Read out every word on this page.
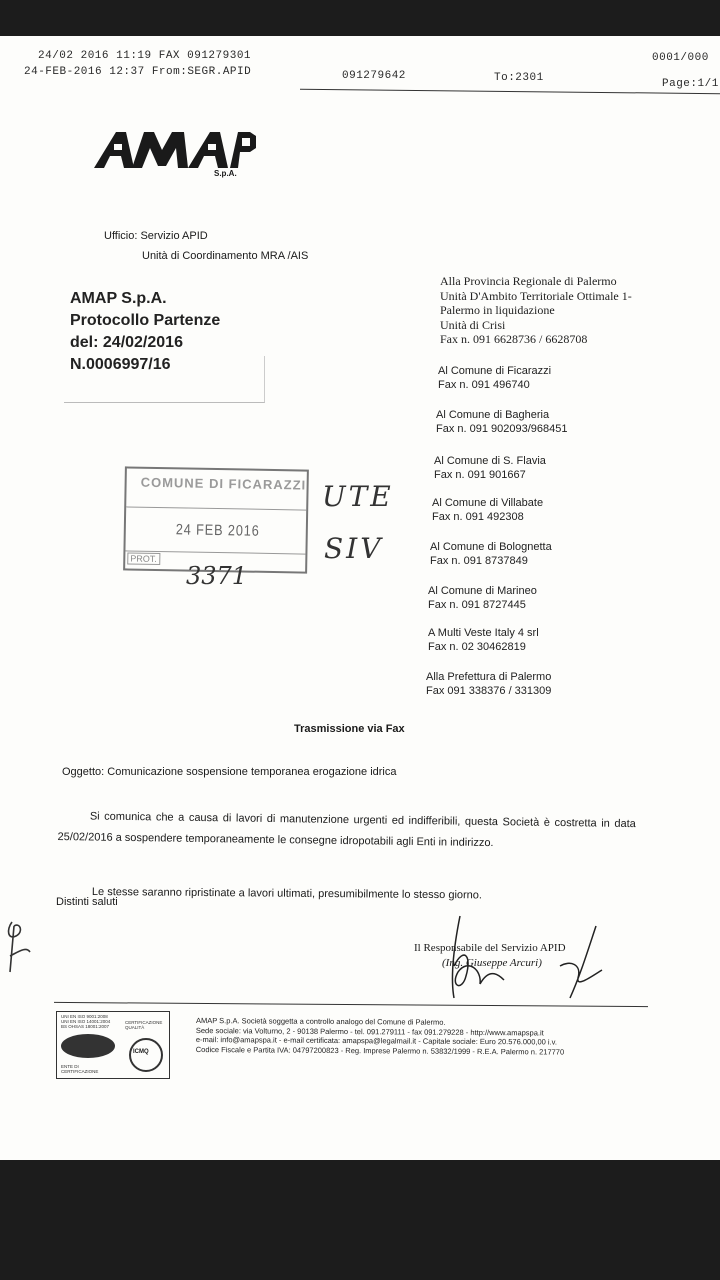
24/02 2016 11:19 FAX 091279301
24-FEB-2016 12:37 From:SEGR.APID	091279642	To:2301
0001/000
Page:1/1
S.p.A.
Ufficio: Servizio APID
Unità di Coordinamento MRA /AIS
AMAP S.p.A.
Protocollo Partenze
del: 24/02/2016
N.0006997/16
Alla Provincia Regionale di Palermo
Unità D'Ambito Territoriale Ottimale 1-
Palermo in liquidazione
Unità di Crisi
Fax n. 091 6628736 / 6628708
Al Comune di Ficarazzi
Fax n. 091 496740
Al Comune di Bagheria
Fax n. 091 902093/968451
Al Comune di S. Flavia
Fax n. 091 901667
Al Comune di Villabate
Fax n. 091 492308
Al Comune di Bolognetta
Fax n. 091 8737849
Al Comune di Marineo
Fax n. 091 8727445
A Multi Veste Italy 4 srl
Fax n. 02 30462819
Alla Prefettura di Palermo
Fax 091 338376 / 331309
COMUNE DI FICARAZZI
24 FEB 2016
PROT.
3371
UTE
SIV
Trasmissione via Fax
Oggetto: Comunicazione sospensione temporanea erogazione idrica
Si comunica che a causa di lavori di manutenzione urgenti ed indifferibili, questa Società è costretta in data 25/02/2016 a sospendere temporaneamente le consegne idropotabili agli Enti in indirizzo.
Le stesse saranno ripristinate a lavori ultimati, presumibilmente lo stesso giorno.
Distinti saluti
Il Responsabile del Servizio APID
(Ing. Giuseppe Arcuri)
UNI EN ISO 9001:2008 UNI EN ISO 14001:2004 BS OHSAS 18001:2007
CERTIFICAZIONE QUALITÀ
ICMQ
ENTE DI CERTIFICAZIONE
AMAP S.p.A. Società soggetta a controllo analogo del Comune di Palermo.
Sede sociale: via Volturno, 2 - 90138 Palermo - tel. 091.279111 - fax 091.279228 - http://www.amapspa.it
e-mail: info@amapspa.it - e-mail certificata: amapspa@legalmail.it - Capitale sociale: Euro 20.576.000,00 i.v.
Codice Fiscale e Partita IVA: 04797200823 - Reg. Imprese Palermo n. 53832/1999 - R.E.A. Palermo n. 217770
